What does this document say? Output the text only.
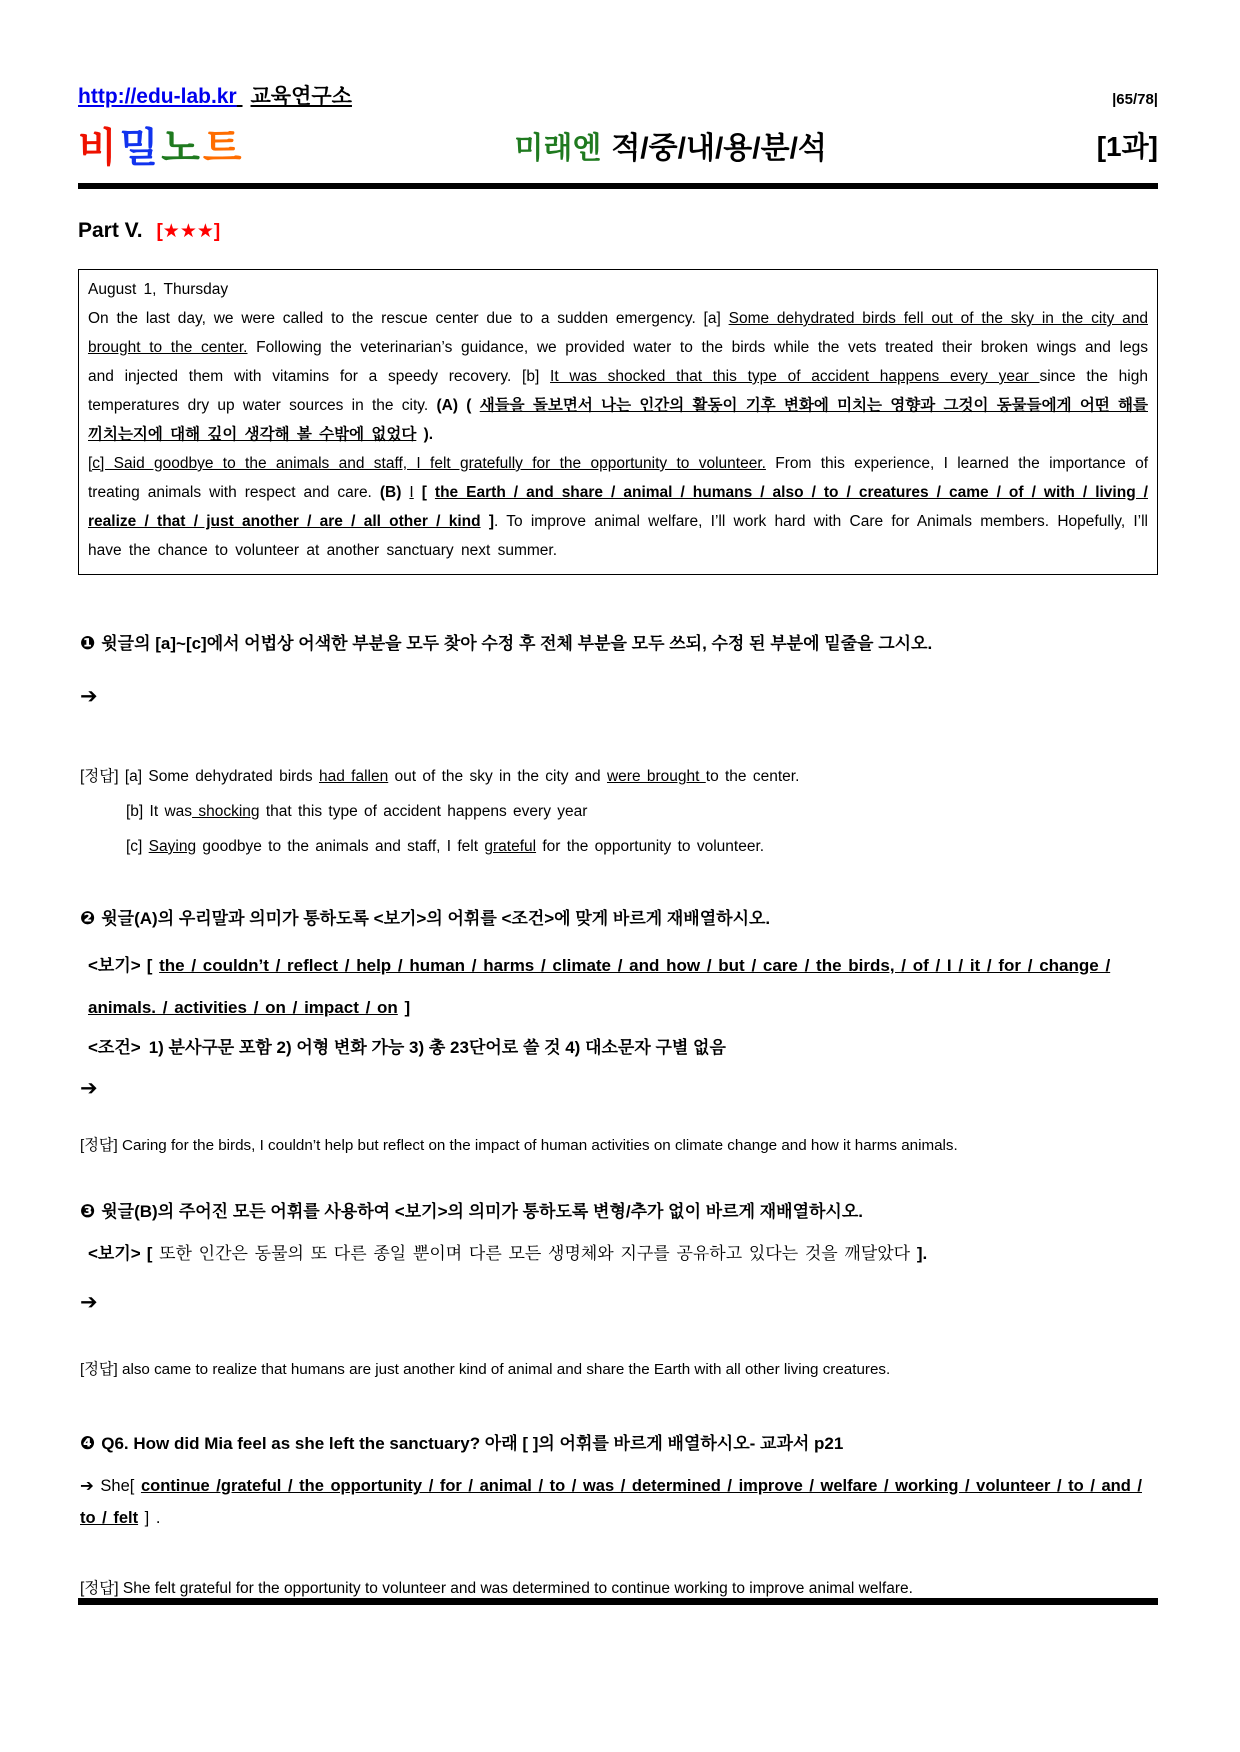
http://edu-lab.kr 교육연구소	|65/78|
비밀노트	미래엔 적/중/내/용/분/석	[1과]
Part V. [★★★]
August 1, Thursday

On the last day, we were called to the rescue center due to a sudden emergency. [a] Some dehydrated birds fell out of the sky in the city and brought to the center. Following the veterinarian’s guidance, we provided water to the birds while the vets treated their broken wings and legs and injected them with vitamins for a speedy recovery. [b] It was shocked that this type of accident happens every year since the high temperatures dry up water sources in the city. (A) ( 새들을 돌보면서 나는 인간의 활동이 기후 변화에 미치는 영향과 그것이 동물들에게 어떤 해를 끼치는지에 대해 깊이 생각해 볼 수밖에 없었다 ).

[c] Said goodbye to the animals and staff, I felt gratefully for the opportunity to volunteer. From this experience, I learned the importance of treating animals with respect and care. (B) I [ the Earth / and share / animal / humans / also / to / creatures / came / of / with / living / realize / that / just another / are / all other / kind ]. To improve animal welfare, I’ll work hard with Care for Animals members. Hopefully, I’ll have the chance to volunteer at another sanctuary next summer.

❶ 윗글의 [a]~[c]에서 어법상 어색한 부분을 모두 찾아 수정 후 전체 부분을 모두 쓰되, 수정 된 부분에 밑줄을 그시오.
➔
[정답] [a] Some dehydrated birds had fallen out of the sky in the city and were brought to the center.
[b] It was shocking that this type of accident happens every year
[c] Saying goodbye to the animals and staff, I felt grateful for the opportunity to volunteer.
❷ 윗글(A)의 우리말과 의미가 통하도록 <보기>의 어휘를 <조건>에 맞게 바르게 재배열하시오.
<보기> [ the / couldn’t / reflect / help / human / harms / climate / and how / but / care / the birds, / of / I / it / for / change / animals. / activities / on / impact / on ]
<조건> 1) 분사구문 포함 2) 어형 변화 가능 3) 총 23단어로 쓸 것 4) 대소문자 구별 없음
➔
[정답] Caring for the birds, I couldn’t help but reflect on the impact of human activities on climate change and how it harms animals.
❸ 윗글(B)의 주어진 모든 어휘를 사용하여 <보기>의 의미가 통하도록 변형/추가 없이 바르게 재배열하시오.
<보기> [ 또한 인간은 동물의 또 다른 종일 뿐이며 다른 모든 생명체와 지구를 공유하고 있다는 것을 깨달았다 ].
➔
[정답] also came to realize that humans are just another kind of animal and share the Earth with all other living creatures.
❹ Q6. How did Mia feel as she left the sanctuary? 아래 [ ]의 어휘를 바르게 배열하시오- 교과서 p21
➔ She[ continue /grateful / the opportunity / for / animal / to / was / determined / improve / welfare / working / volunteer / to / and / to / felt ] .
[정답] She felt grateful for the opportunity to volunteer and was determined to continue working to improve animal welfare.
